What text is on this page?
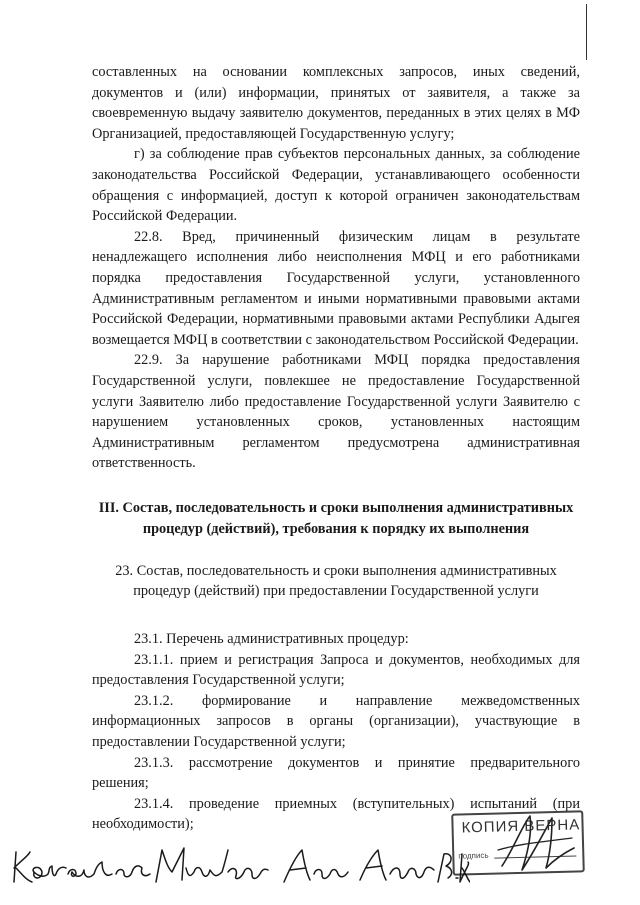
составленных на основании комплексных запросов, иных сведений, документов и (или) информации, принятых от заявителя, а также за своевременную выдачу заявителю документов, переданных в этих целях в МФ Организацией, предоставляющей Государственную услугу;

г) за соблюдение прав субъектов персональных данных, за соблюдение законодательства Российской Федерации, устанавливающего особенности обращения с информацией, доступ к которой ограничен законодательствам Российской Федерации.

22.8. Вред, причиненный физическим лицам в результате ненадлежащего исполнения либо неисполнения МФЦ и его работниками порядка предоставления Государственной услуги, установленного Административным регламентом и иными нормативными правовыми актами Российской Федерации, нормативными правовыми актами Республики Адыгея возмещается МФЦ в соответствии с законодательством Российской Федерации.

22.9. За нарушение работниками МФЦ порядка предоставления Государственной услуги, повлекшее не предоставление Государственной услуги Заявителю либо предоставление Государственной услуги Заявителю с нарушением установленных сроков, установленных настоящим Административным регламентом предусмотрена административная ответственность.

III. Состав, последовательность и сроки выполнения административных процедур (действий), требования к порядку их выполнения

23. Состав, последовательность и сроки выполнения административных процедур (действий) при предоставлении Государственной услуги

23.1. Перечень административных процедур:

23.1.1. прием и регистрация Запроса и документов, необходимых для предоставления Государственной услуги;

23.1.2. формирование и направление межведомственных информационных запросов в органы (организации), участвующие в предоставлении Государственной услуги;

23.1.3. рассмотрение документов и принятие предварительного решения;

23.1.4. проведение приемных (вступительных) испытаний (при необходимости);	КОПИЯ ВЕРНА
подпись
